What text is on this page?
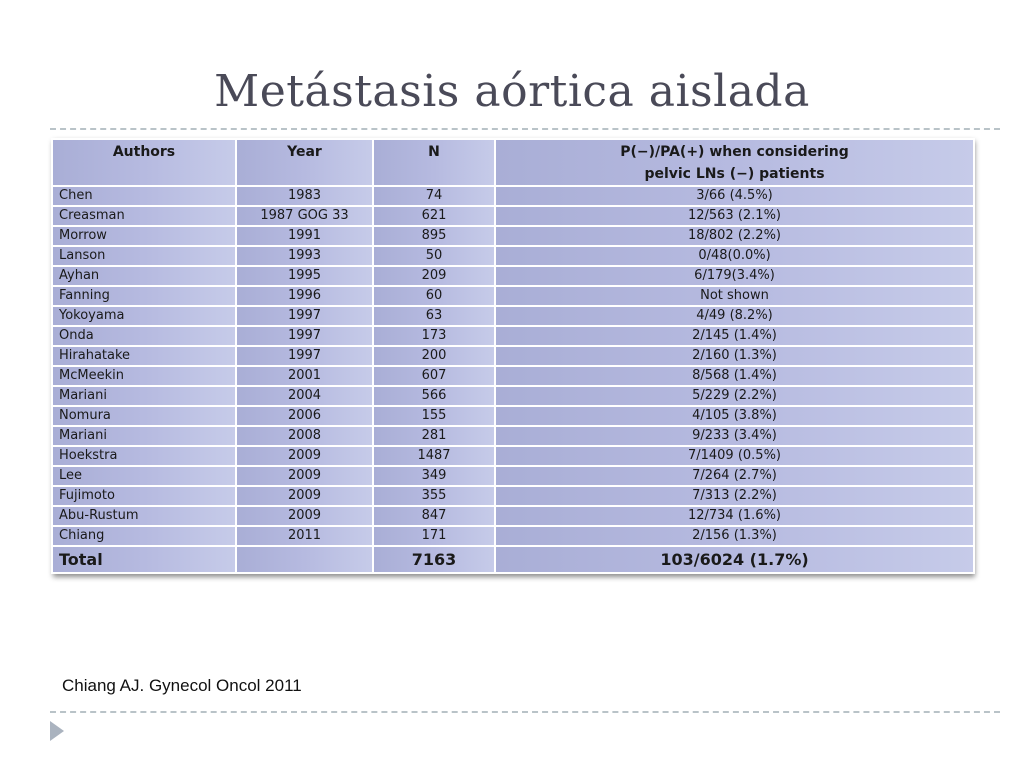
Metástasis aórtica aislada
Authors	Year	N	P(−)/PA(+) when considering
pelvic LNs (−) patients

Chen	1983	74	3/66 (4.5%)
Creasman	1987 GOG 33	621	12/563 (2.1%)
Morrow	1991	895	18/802 (2.2%)
Lanson	1993	50	0/48(0.0%)
Ayhan	1995	209	6/179(3.4%)
Fanning	1996	60	Not shown
Yokoyama	1997	63	4/49 (8.2%)
Onda	1997	173	2/145 (1.4%)
Hirahatake	1997	200	2/160 (1.3%)
McMeekin	2001	607	8/568 (1.4%)
Mariani	2004	566	5/229 (2.2%)
Nomura	2006	155	4/105 (3.8%)
Mariani	2008	281	9/233 (3.4%)
Hoekstra	2009	1487	7/1409 (0.5%)
Lee	2009	349	7/264 (2.7%)
Fujimoto	2009	355	7/313 (2.2%)
Abu-Rustum	2009	847	12/734 (1.6%)
Chiang	2011	171	2/156 (1.3%)
Total		7163	103/6024 (1.7%)
Chiang AJ. Gynecol Oncol 2011
